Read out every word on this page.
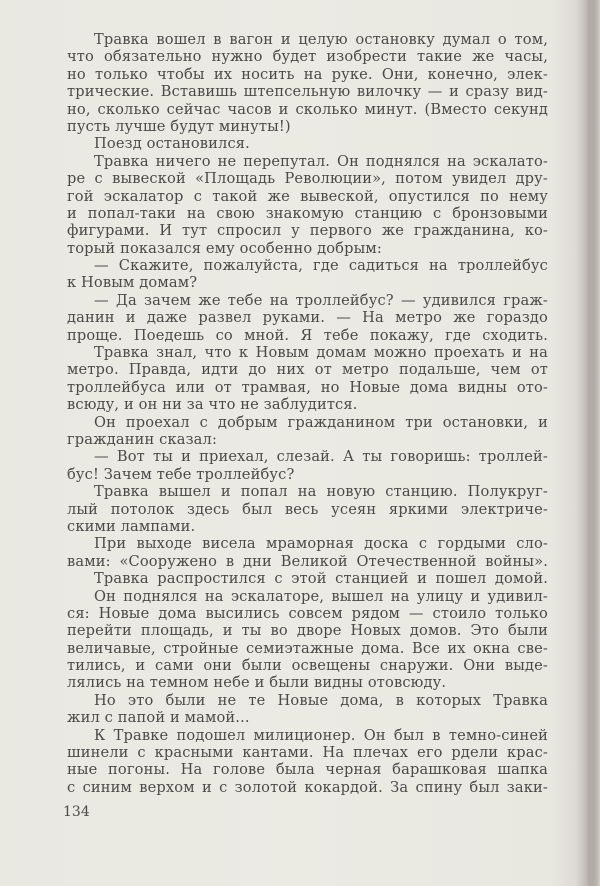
Травка вошел в вагон и целую остановку думал о том,
что обязательно нужно будет изобрести такие же часы,
но только чтобы их носить на руке. Они, конечно, элек-
трические. Вставишь штепсельную вилочку — и сразу вид-
но, сколько сейчас часов и сколько минут. (Вместо секунд
пусть лучше будут минуты!)
Поезд остановился.
Травка ничего не перепутал. Он поднялся на эскалато-
ре с вывеской «Площадь Революции», потом увидел дру-
гой эскалатор с такой же вывеской, опустился по нему
и попал-таки на свою знакомую станцию с бронзовыми
фигурами. И тут спросил у первого же гражданина, ко-
торый показался ему особенно добрым:
— Скажите, пожалуйста, где садиться на троллейбус
к Новым домам?
— Да зачем же тебе на троллейбус? — удивился граж-
данин и даже развел руками. — На метро же гораздо
проще. Поедешь со мной. Я тебе покажу, где сходить.
Травка знал, что к Новым домам можно проехать и на
метро. Правда, идти до них от метро подальше, чем от
троллейбуса или от трамвая, но Новые дома видны ото-
всюду, и он ни за что не заблудится.
Он проехал с добрым гражданином три остановки, и
гражданин сказал:
— Вот ты и приехал, слезай. А ты говоришь: троллей-
бус! Зачем тебе троллейбус?
Травка вышел и попал на новую станцию. Полукруг-
лый потолок здесь был весь усеян яркими электриче-
скими лампами.
При выходе висела мраморная доска с гордыми сло-
вами: «Сооружено в дни Великой Отечественной войны».
Травка распростился с этой станцией и пошел домой.
Он поднялся на эскалаторе, вышел на улицу и удивил-
ся: Новые дома высились совсем рядом — стоило только
перейти площадь, и ты во дворе Новых домов. Это были
величавые, стройные семиэтажные дома. Все их окна све-
тились, и сами они были освещены снаружи. Они выде-
лялись на темном небе и были видны отовсюду.
Но это были не те Новые дома, в которых Травка
жил с папой и мамой...
К Травке подошел милиционер. Он был в темно-синей
шинели с красными кантами. На плечах его рдели крас-
ные погоны. На голове была черная барашковая шапка
с синим верхом и с золотой кокардой. За спину был заки-
134
